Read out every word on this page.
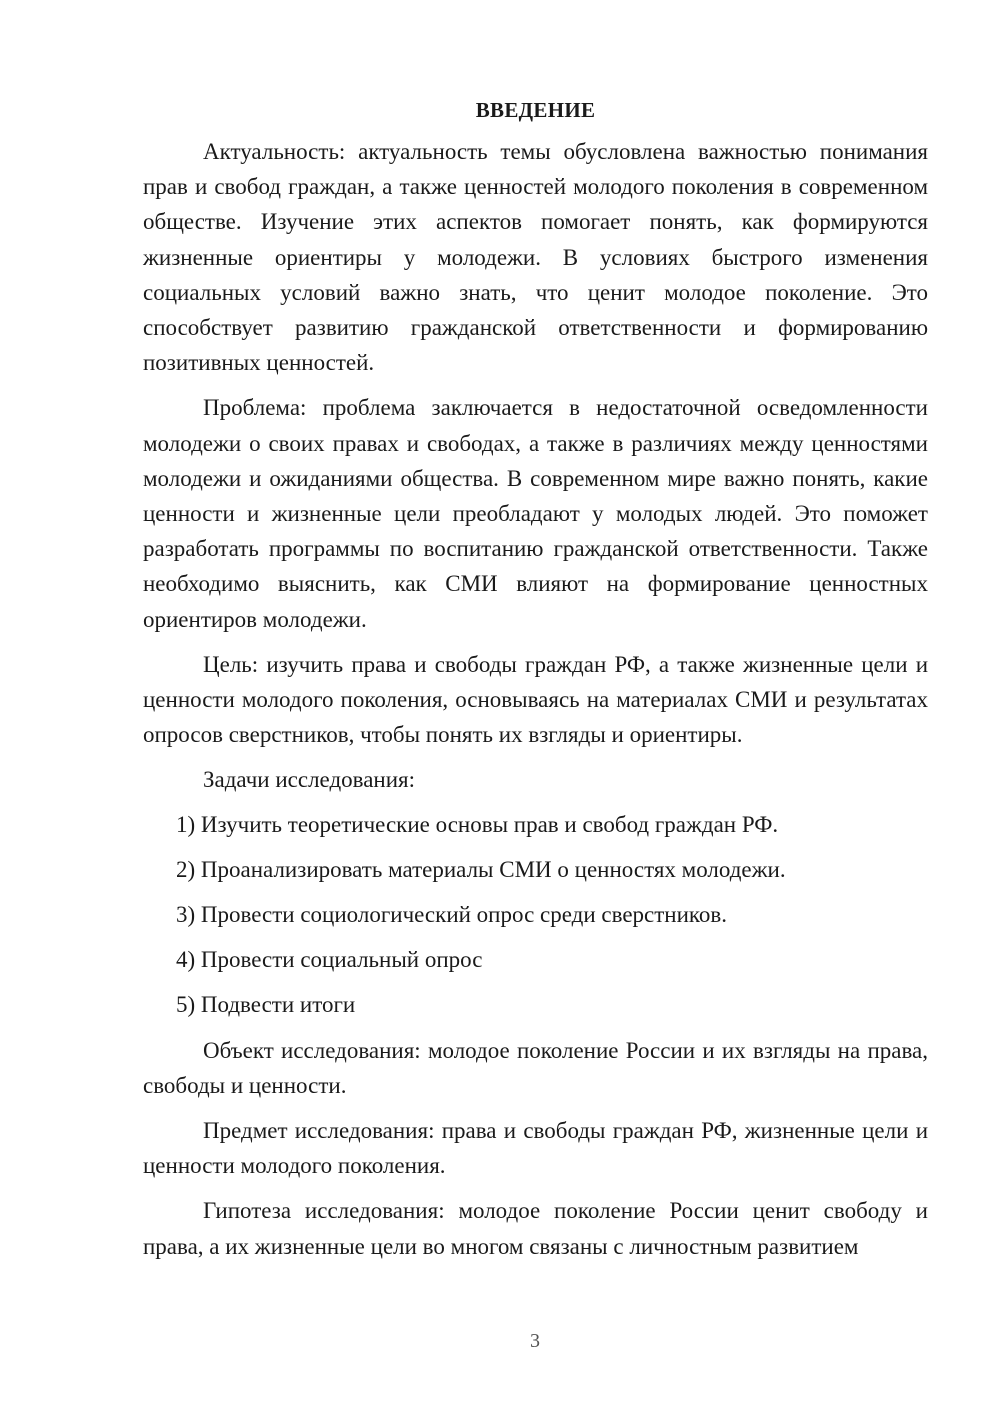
ВВЕДЕНИЕ

Актуальность: актуальность темы обусловлена важностью понимания прав и свобод граждан, а также ценностей молодого поколения в современном обществе. Изучение этих аспектов помогает понять, как формируются жизненные ориентиры у молодежи. В условиях быстрого изменения социальных условий важно знать, что ценит молодое поколение. Это способствует развитию гражданской ответственности и формированию позитивных ценностей.

Проблема: проблема заключается в недостаточной осведомленности молодежи о своих правах и свободах, а также в различиях между ценностями молодежи и ожиданиями общества. В современном мире важно понять, какие ценности и жизненные цели преобладают у молодых людей. Это поможет разработать программы по воспитанию гражданской ответственности. Также необходимо выяснить, как СМИ влияют на формирование ценностных ориентиров молодежи.

Цель: изучить права и свободы граждан РФ, а также жизненные цели и ценности молодого поколения, основываясь на материалах СМИ и результатах опросов сверстников, чтобы понять их взгляды и ориентиры.

Задачи исследования:

1) Изучить теоретические основы прав и свобод граждан РФ.
2) Проанализировать материалы СМИ о ценностях молодежи.
3) Провести социологический опрос среди сверстников.
4) Провести социальный опрос
5) Подвести итоги

Объект исследования: молодое поколение России и их взгляды на права, свободы и ценности.

Предмет исследования: права и свободы граждан РФ, жизненные цели и ценности молодого поколения.

Гипотеза исследования: молодое поколение России ценит свободу и права, а их жизненные цели во многом связаны с личностным развитием

3
